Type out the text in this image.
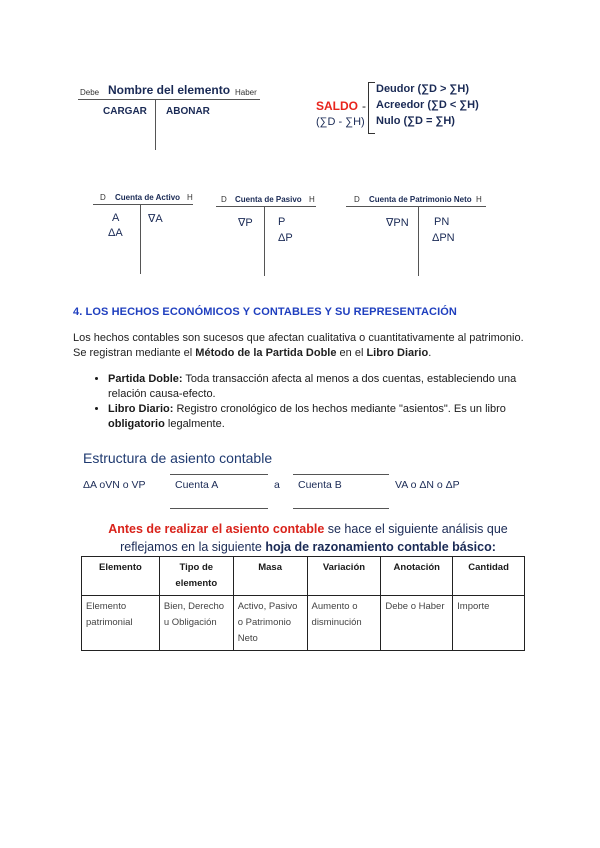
Debe Nombre del elemento Haber
CARGAR ABONAR	SALDO -
(∑D - ∑H)
Deudor (∑D > ∑H)
Acreedor (∑D < ∑H)
Nulo (∑D = ∑H)
D Cuenta de Activo H
A
ΔA
∇A
D Cuenta de Pasivo H
∇P P
ΔP
D Cuenta de Patrimonio Neto H
∇PN PN
ΔPN
4. LOS HECHOS ECONÓMICOS Y CONTABLES Y SU REPRESENTACIÓN
Los hechos contables son sucesos que afectan cualitativa o cuantitativamente al patrimonio.
Se registran mediante el Método de la Partida Doble en el Libro Diario.
• Partida Doble: Toda transacción afecta al menos a dos cuentas, estableciendo una relación causa-efecto.
• Libro Diario: Registro cronológico de los hechos mediante "asientos". Es un libro obligatorio legalmente.
Estructura de asiento contable
ΔA oVN o VP	Cuenta A	a Cuenta B	VA o ΔN o ΔP
Antes de realizar el asiento contable se hace el siguiente análisis que
reflejamos en la siguiente hoja de razonamiento contable básico:
Elemento	Tipo de elemento	Masa	Variación	Anotación	Cantidad
Elemento patrimonial	Bien, Derecho u Obligación	Activo, Pasivo o Patrimonio Neto	Aumento o disminución	Debe o Haber	Importe
